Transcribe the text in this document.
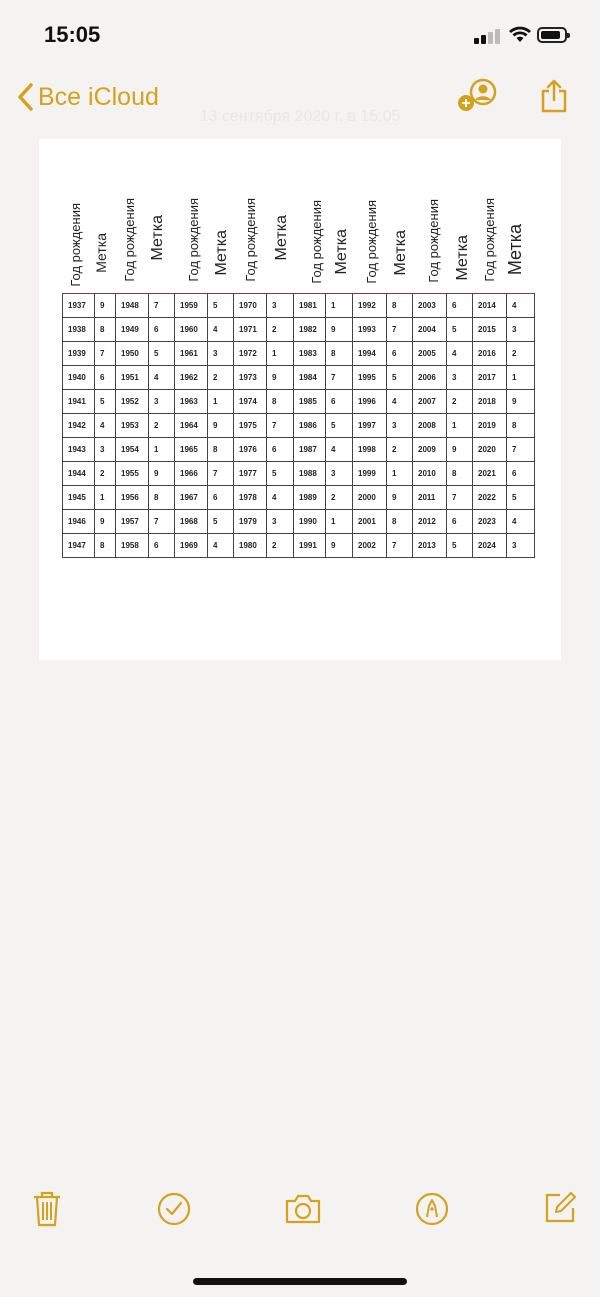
15:05
Все iCloud
13 сентября 2020 г. в 15:05
Год рождения Метка Год рождения Метка Год рождения Метка Год рождения Метка Год рождения Метка Год рождения Метка Год рождения Метка Год рождения Метка
1937	9	1948	7	1959	5	1970	3	1981	1	1992	8	2003	6	2014	4
1938	8	1949	6	1960	4	1971	2	1982	9	1993	7	2004	5	2015	3
1939	7	1950	5	1961	3	1972	1	1983	8	1994	6	2005	4	2016	2
1940	6	1951	4	1962	2	1973	9	1984	7	1995	5	2006	3	2017	1
1941	5	1952	3	1963	1	1974	8	1985	6	1996	4	2007	2	2018	9
1942	4	1953	2	1964	9	1975	7	1986	5	1997	3	2008	1	2019	8
1943	3	1954	1	1965	8	1976	6	1987	4	1998	2	2009	9	2020	7
1944	2	1955	9	1966	7	1977	5	1988	3	1999	1	2010	8	2021	6
1945	1	1956	8	1967	6	1978	4	1989	2	2000	9	2011	7	2022	5
1946	9	1957	7	1968	5	1979	3	1990	1	2001	8	2012	6	2023	4
1947	8	1958	6	1969	4	1980	2	1991	9	2002	7	2013	5	2024	3
